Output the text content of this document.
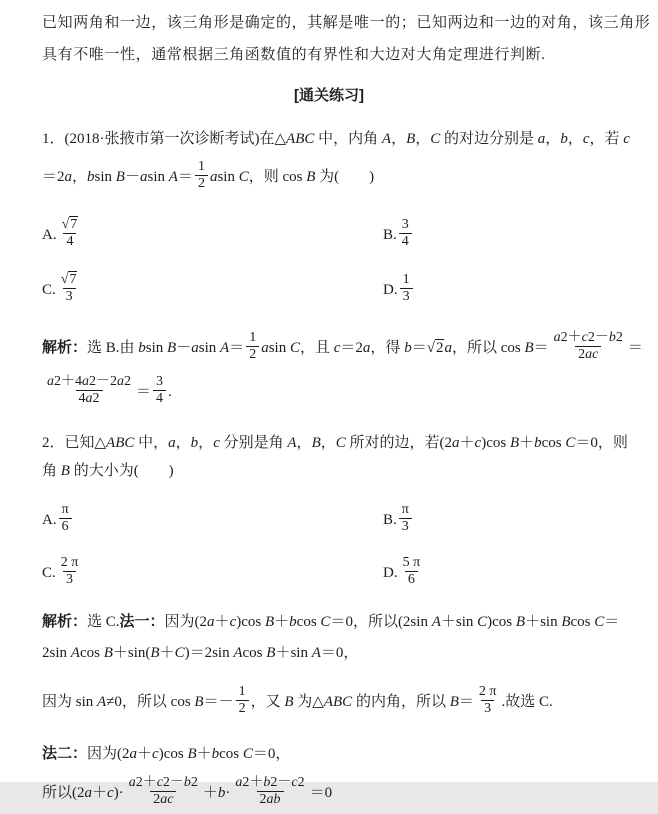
已知两角和一边，该三角形是确定的，其解是唯一的；已知两边和一边的对角，该三角形
具有不唯一性，通常根据三角函数值的有界性和大边对大角定理进行判断.
[通关练习]
1．(2018·张掖市第一次诊断考试)在△ABC 中，内角 A，B，C 的对边分别是 a，b，c，若 c
＝2a，bsin B－asin $A= \frac{1}{2}$ asin C，则 cos B 为(　　)
A. $\frac{√7}{4}$	B. $\frac{3}{4}$
C. $\frac{√7}{3}$	D. $\frac{1}{3}$
解析：选 B.由 bsin B－asin $A= \frac{1}{2}$ asin C，且 c＝2a，得 b＝√2a，所以 $\cos B= \frac{a2+c2-b2}{2ac}$ ＝
$\frac{a2+4a2-2a2}{4a2} = \frac{3}{4}$ .
2．已知△ABC 中，a，b，c 分别是角 A，B，C 所对的边，若(2a＋c)cos B＋bcos C＝0，则
角 B 的大小为(　　)
A. $\frac{\pi}{6}$	B. $\frac{\pi}{3}$
C. $\frac{2 \pi}{3}$	D. $\frac{5 \pi}{6}$
解析：选 C.法一：因为(2a＋c)cos B＋bcos C＝0，所以(2sin A＋sin C)cos B＋sin Bcos C＝
2sin Acos B＋sin(B＋C)＝2sin Acos B＋sin A＝0，
因为 sin A≠0，所以 $\cos B=- \frac{1}{2}$ ，又 B 为△ABC 的内角，所以 $B= \frac{2 \pi}{3}$ .故选 C.
法二：因为(2a＋c)cos B＋bcos C＝0，
所以$(2a+c)\cdot \frac{a2+c2-b2}{2ac} +b\cdot \frac{a2+b2-c2}{2ab} =0$
